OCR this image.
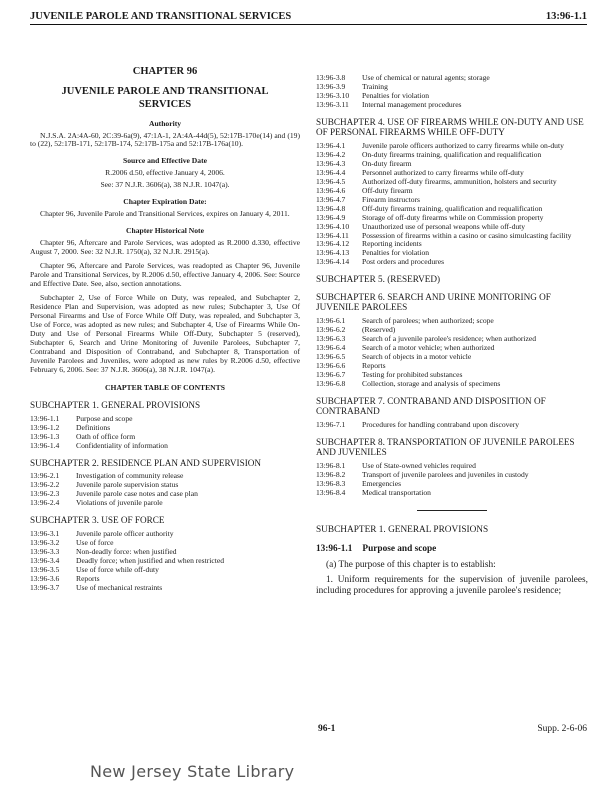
JUVENILE PAROLE AND TRANSITIONAL SERVICES	13:96-1.1
CHAPTER 96
JUVENILE PAROLE AND TRANSITIONAL
SERVICES
Authority

N.J.S.A. 2A:4A-60, 2C:39-6a(9), 47:1A-1, 2A:4A-44d(5), 52:17B-170e(14) and (19) to (22), 52:17B-171, 52:17B-174, 52:17B-175a and 52:17B-176a(10).

Source and Effective Date

R.2006 d.50, effective January 4, 2006.

See: 37 N.J.R. 3606(a), 38 N.J.R. 1047(a).

Chapter Expiration Date:

Chapter 96, Juvenile Parole and Transitional Services, expires on January 4, 2011.

Chapter Historical Note

Chapter 96, Aftercare and Parole Services, was adopted as R.2000 d.330, effective August 7, 2000. See: 32 N.J.R. 1750(a), 32 N.J.R. 2915(a).

Chapter 96, Aftercare and Parole Services, was readopted as Chapter 96, Juvenile Parole and Transitional Services, by R.2006 d.50, effective January 4, 2006. See: Source and Effective Date. See, also, section annotations.

Subchapter 2, Use of Force While on Duty, was repealed, and Subchapter 2, Residence Plan and Supervision, was adopted as new rules; Subchapter 3, Use Of Personal Firearms and Use of Force While Off Duty, was repealed, and Subchapter 3, Use of Force, was adopted as new rules; and Subchapter 4, Use of Firearms While On-Duty and Use of Personal Firearms While Off-Duty, Subchapter 5 (reserved), Subchapter 6, Search and Urine Monitoring of Juvenile Parolees, Subchapter 7, Contraband and Disposition of Contraband, and Subchapter 8, Transportation of Juvenile Parolees and Juveniles, were adopted as new rules by R.2006 d.50, effective February 6, 2006. See: 37 N.J.R. 3606(a), 38 N.J.R. 1047(a).

CHAPTER TABLE OF CONTENTS
SUBCHAPTER 1. GENERAL PROVISIONS
13:96-1.1	Purpose and scope
13:96-1.2	Definitions
13:96-1.3	Oath of office form
13:96-1.4	Confidentiality of information
SUBCHAPTER 2. RESIDENCE PLAN AND SUPERVISION
13:96-2.1	Investigation of community release
13:96-2.2	Juvenile parole supervision status
13:96-2.3	Juvenile parole case notes and case plan
13:96-2.4	Violations of juvenile parole
SUBCHAPTER 3. USE OF FORCE
13:96-3.1	Juvenile parole officer authority
13:96-3.2	Use of force
13:96-3.3	Non-deadly force: when justified
13:96-3.4	Deadly force; when justified and when restricted
13:96-3.5	Use of force while off-duty
13:96-3.6	Reports
13:96-3.7	Use of mechanical restraints
13:96-3.8	Use of chemical or natural agents; storage
13:96-3.9	Training
13:96-3.10	Penalties for violation
13:96-3.11	Internal management procedures
SUBCHAPTER 4. USE OF FIREARMS WHILE ON-DUTY AND USE OF PERSONAL FIREARMS WHILE OFF-DUTY
13:96-4.1	Juvenile parole officers authorized to carry firearms while on-duty
13:96-4.2	On-duty firearms training, qualification and requalification
13:96-4.3	On-duty firearm
13:96-4.4	Personnel authorized to carry firearms while off-duty
13:96-4.5	Authorized off-duty firearms, ammunition, holsters and security
13:96-4.6	Off-duty firearm
13:96-4.7	Firearm instructors
13:96-4.8	Off-duty firearms training, qualification and requalification
13:96-4.9	Storage of off-duty firearms while on Commission property
13:96-4.10	Unauthorized use of personal weapons while off-duty
13:96-4.11	Possession of firearms within a casino or casino simulcasting facility
13:96-4.12	Reporting incidents
13:96-4.13	Penalties for violation
13:96-4.14	Post orders and procedures
SUBCHAPTER 5. (RESERVED)
SUBCHAPTER 6. SEARCH AND URINE MONITORING OF JUVENILE PAROLEES
13:96-6.1	Search of parolees; when authorized; scope
13:96-6.2	(Reserved)
13:96-6.3	Search of a juvenile parolee's residence; when authorized
13:96-6.4	Search of a motor vehicle; when authorized
13:96-6.5	Search of objects in a motor vehicle
13:96-6.6	Reports
13:96-6.7	Testing for prohibited substances
13:96-6.8	Collection, storage and analysis of specimens
SUBCHAPTER 7. CONTRABAND AND DISPOSITION OF CONTRABAND
13:96-7.1	Procedures for handling contraband upon discovery
SUBCHAPTER 8. TRANSPORTATION OF JUVENILE PAROLEES AND JUVENILES
13:96-8.1	Use of State-owned vehicles required
13:96-8.2	Transport of juvenile parolees and juveniles in custody
13:96-8.3	Emergencies
13:96-8.4	Medical transportation
SUBCHAPTER 1. GENERAL PROVISIONS
13:96-1.1 Purpose and scope

(a) The purpose of this chapter is to establish:

1. Uniform requirements for the supervision of juvenile parolees, including procedures for approving a juvenile parolee's residence;

96-1	Supp. 2-6-06
New Jersey State Library
